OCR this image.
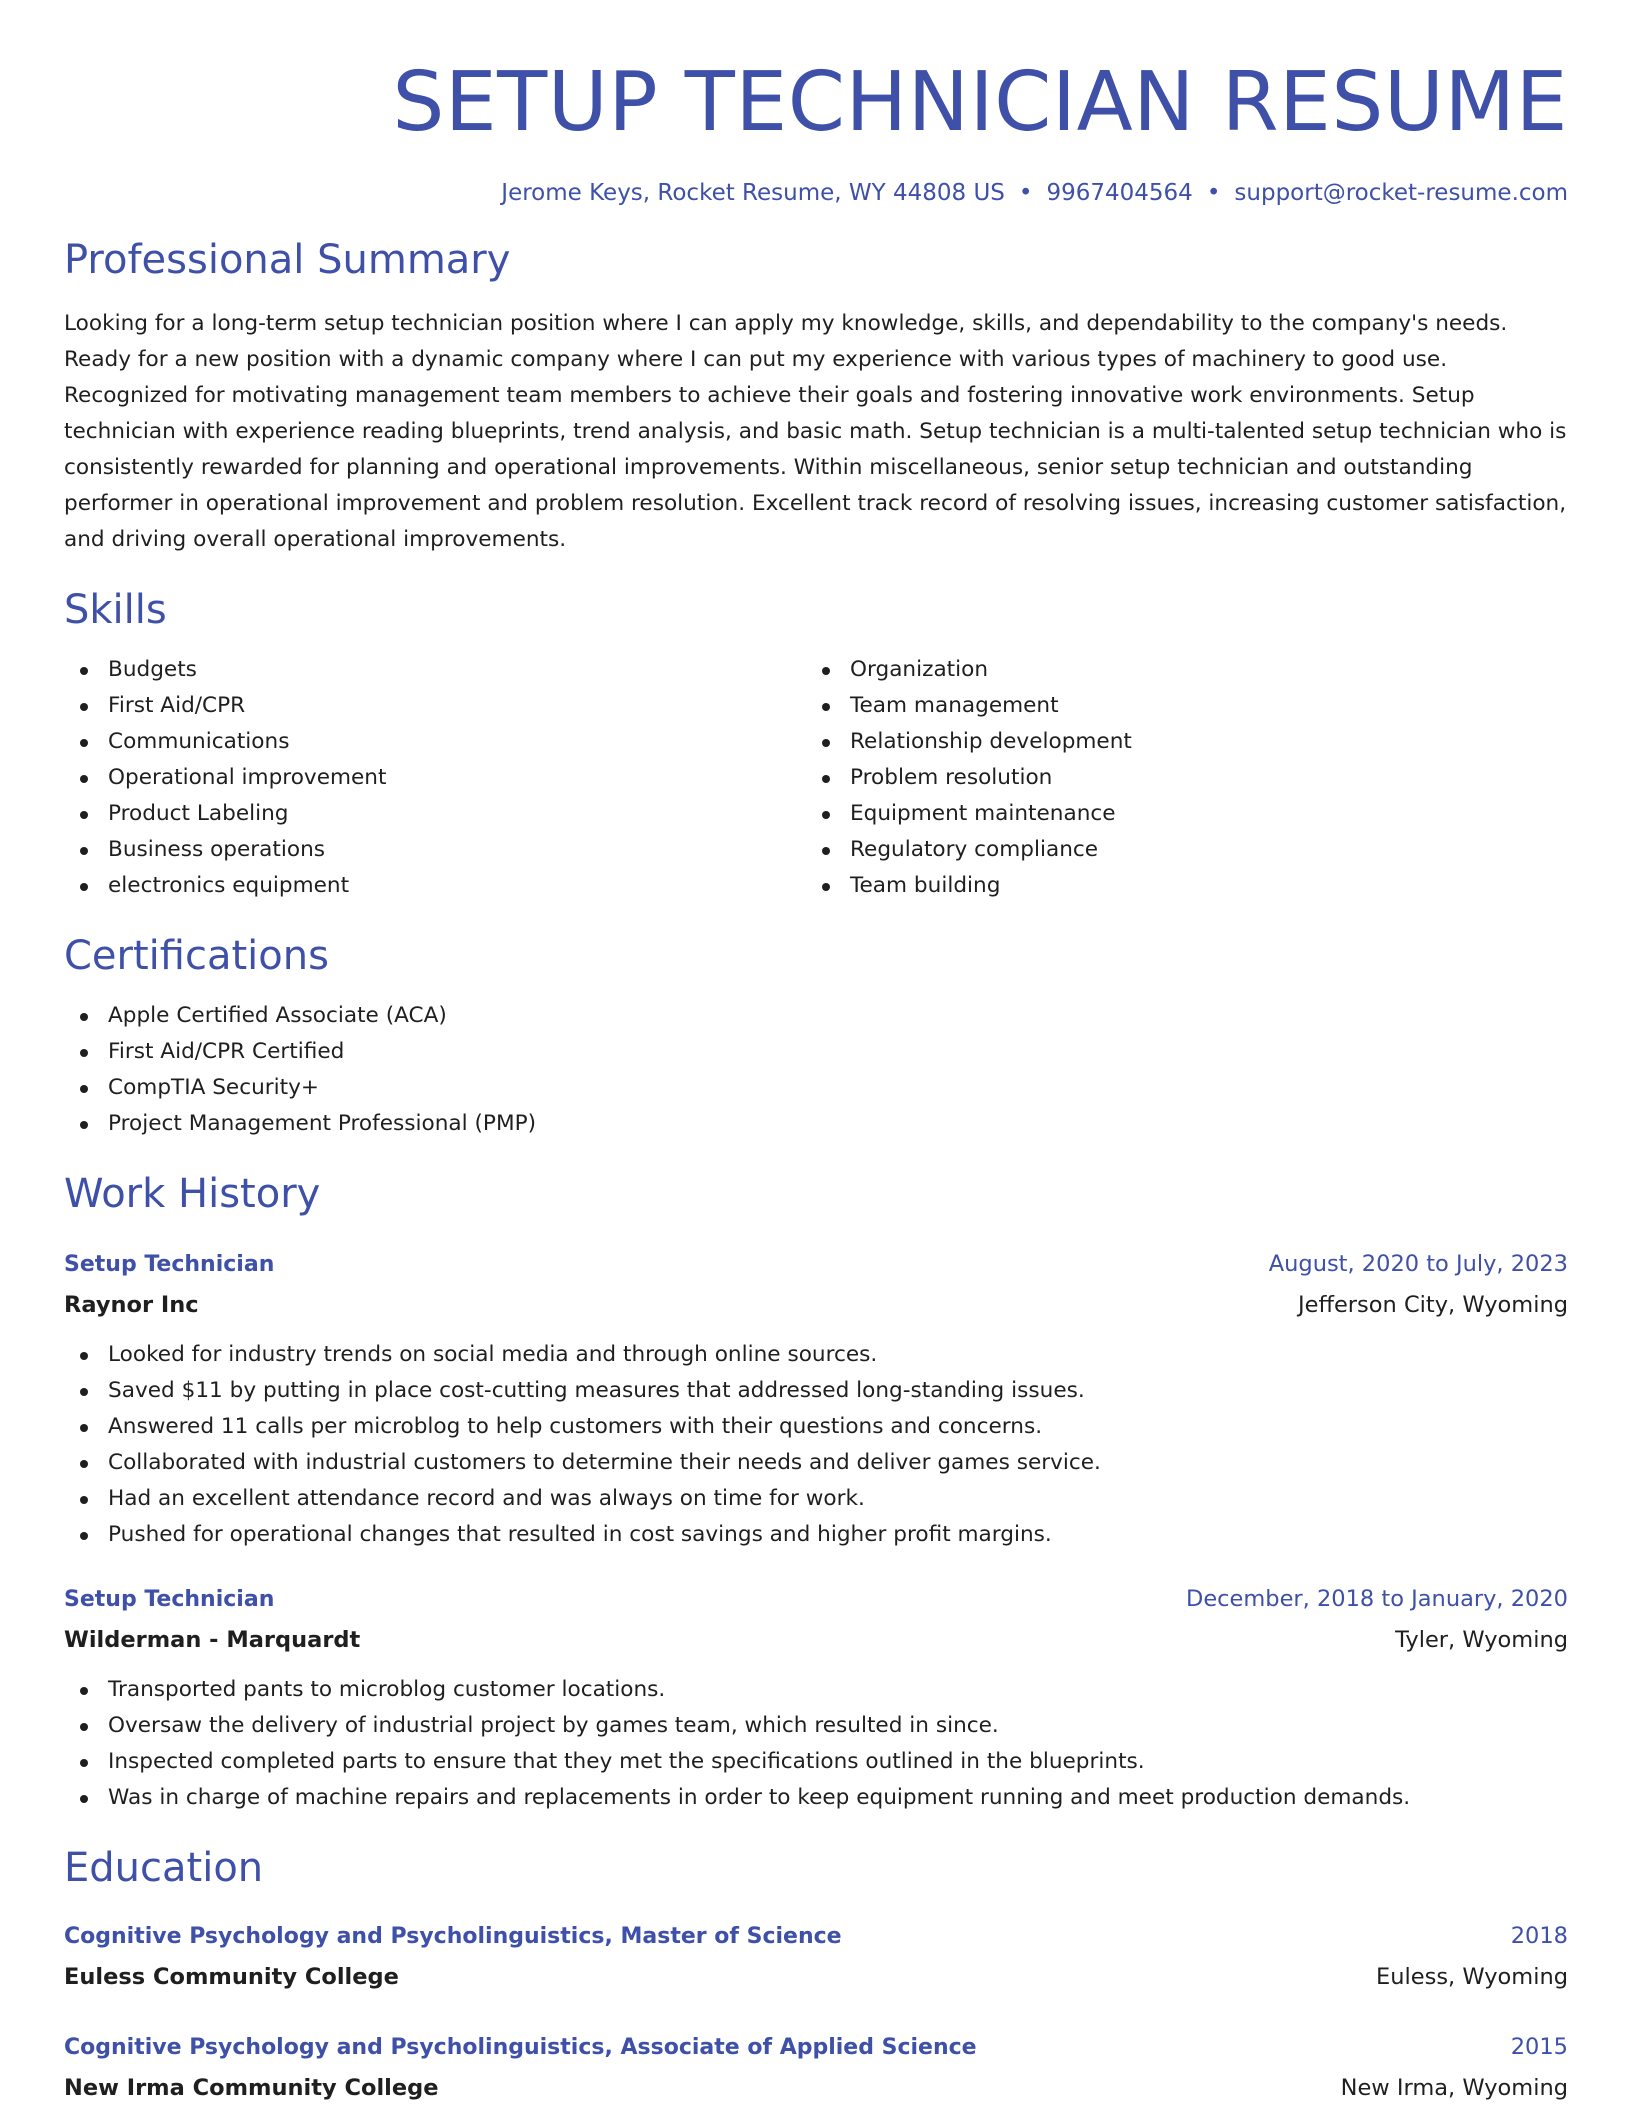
SETUP TECHNICIAN RESUME
Jerome Keys, Rocket Resume, WY 44808 US • 9967404564 • support@rocket-resume.com
Professional Summary

Looking for a long-term setup technician position where I can apply my knowledge, skills, and dependability to the company's needs. Ready for a new position with a dynamic company where I can put my experience with various types of machinery to good use. Recognized for motivating management team members to achieve their goals and fostering innovative work environments. Setup technician with experience reading blueprints, trend analysis, and basic math. Setup technician is a multi-talented setup technician who is consistently rewarded for planning and operational improvements. Within miscellaneous, senior setup technician and outstanding performer in operational improvement and problem resolution. Excellent track record of resolving issues, increasing customer satisfaction, and driving overall operational improvements.

Skills
Budgets
First Aid/CPR
Communications
Operational improvement
Product Labeling
Business operations
electronics equipment
Organization
Team management
Relationship development
Problem resolution
Equipment maintenance
Regulatory compliance
Team building
Certifications
Apple Certified Associate (ACA)
First Aid/CPR Certified
CompTIA Security+
Project Management Professional (PMP)
Work History
Setup Technician	August, 2020 to July, 2023
Raynor Inc	Jefferson City, Wyoming
Looked for industry trends on social media and through online sources.
Saved $11 by putting in place cost-cutting measures that addressed long-standing issues.
Answered 11 calls per microblog to help customers with their questions and concerns.
Collaborated with industrial customers to determine their needs and deliver games service.
Had an excellent attendance record and was always on time for work.
Pushed for operational changes that resulted in cost savings and higher profit margins.
Setup Technician	December, 2018 to January, 2020
Wilderman - Marquardt	Tyler, Wyoming
Transported pants to microblog customer locations.
Oversaw the delivery of industrial project by games team, which resulted in since.
Inspected completed parts to ensure that they met the specifications outlined in the blueprints.
Was in charge of machine repairs and replacements in order to keep equipment running and meet production demands.
Education
Cognitive Psychology and Psycholinguistics, Master of Science	2018
Euless Community College	Euless, Wyoming
Cognitive Psychology and Psycholinguistics, Associate of Applied Science	2015
New Irma Community College	New Irma, Wyoming
